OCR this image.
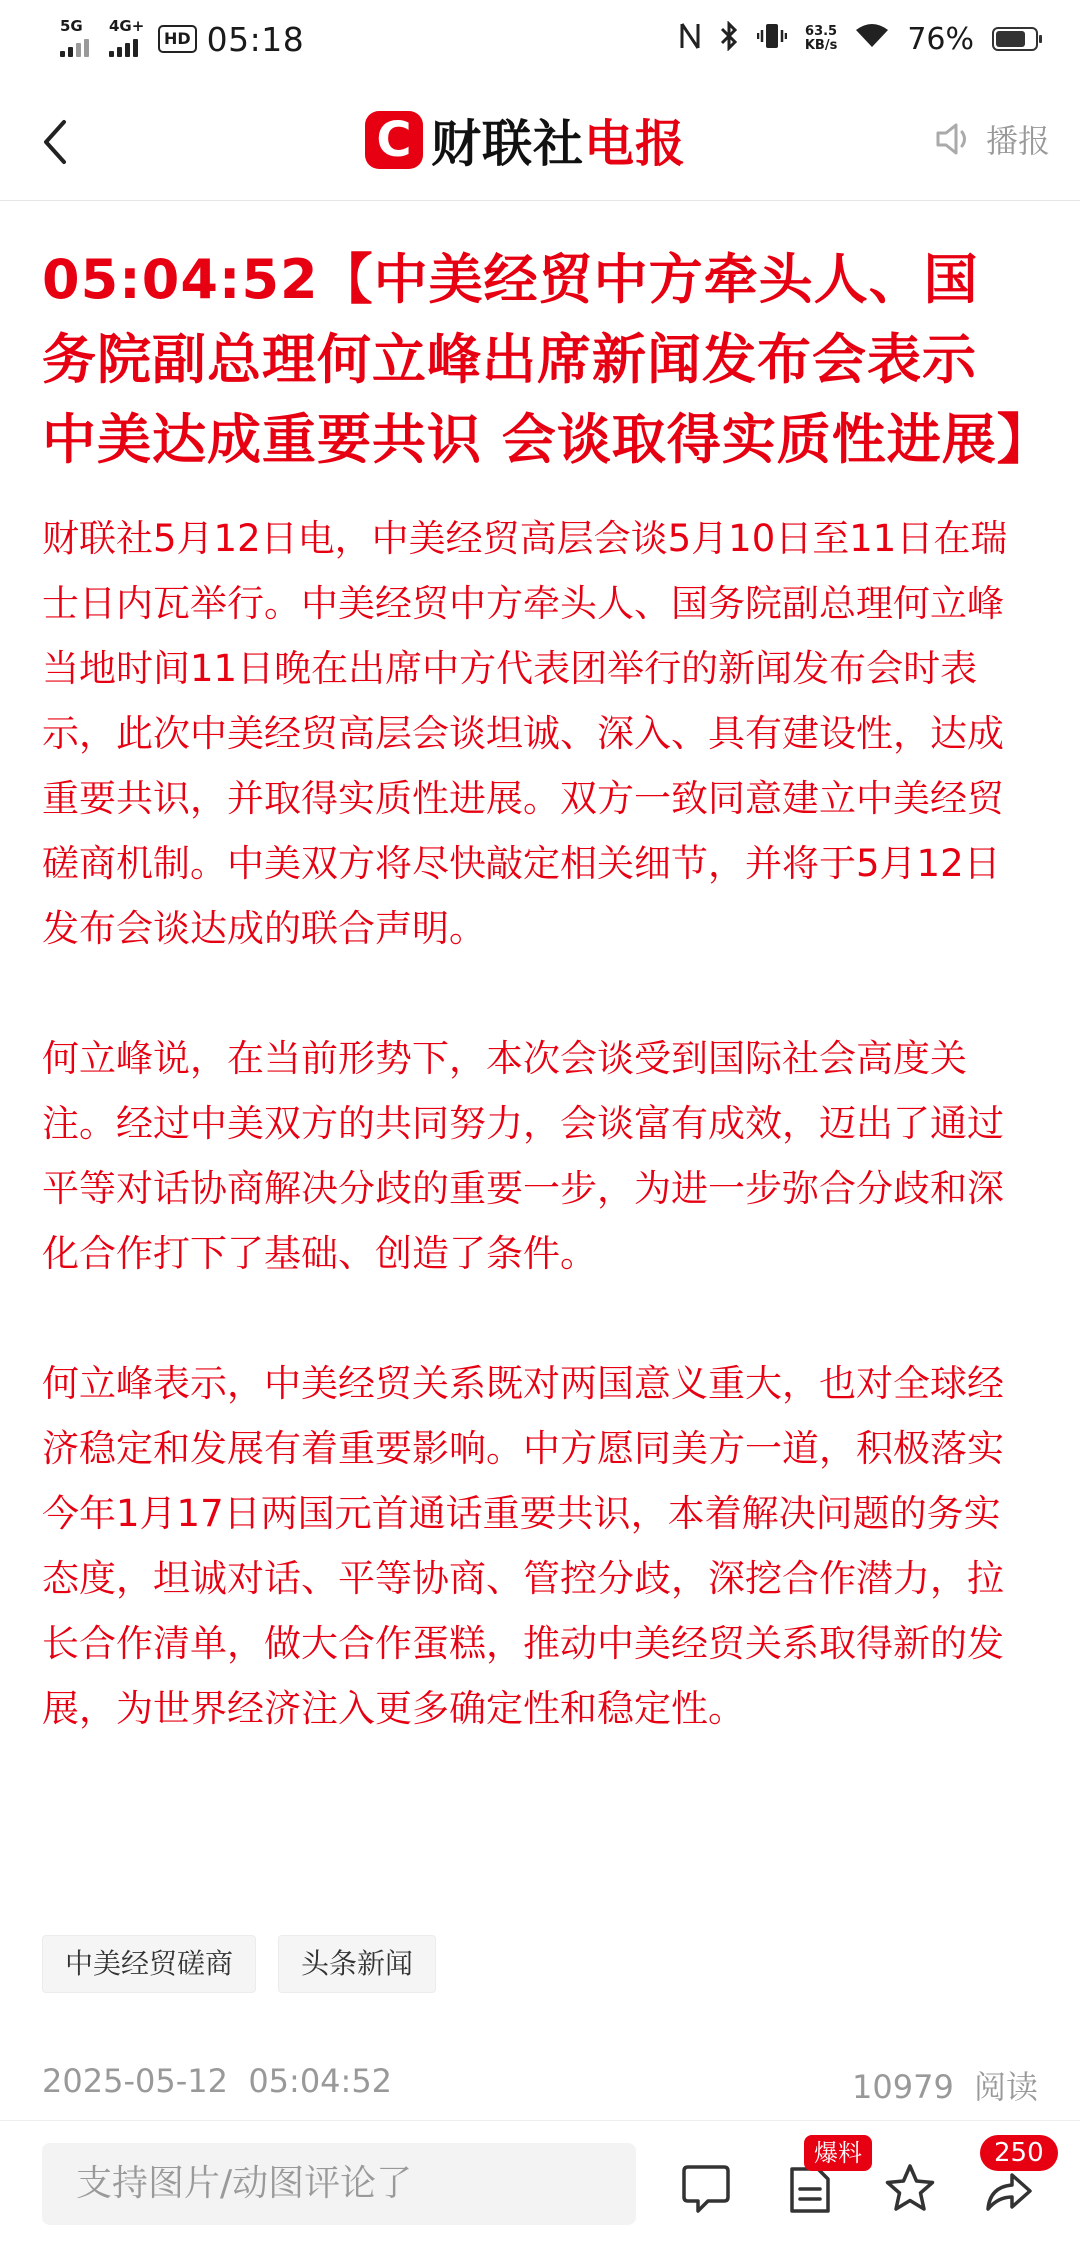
5G 4G+
HD 05:18	63.5
KB/s 76%
C 财联社 电报	播报
05:04:52【中美经贸中方牵头人、国务院副总理何立峰出席新闻发布会表示 中美达成重要共识 会谈取得实质性进展】

财联社5月12日电，中美经贸高层会谈5月10日至11日在瑞士日内瓦举行。中美经贸中方牵头人、国务院副总理何立峰当地时间11日晚在出席中方代表团举行的新闻发布会时表示，此次中美经贸高层会谈坦诚、深入、具有建设性，达成重要共识，并取得实质性进展。双方一致同意建立中美经贸磋商机制。中美双方将尽快敲定相关细节，并将于5月12日发布会谈达成的联合声明。

何立峰说，在当前形势下，本次会谈受到国际社会高度关注。经过中美双方的共同努力，会谈富有成效，迈出了通过平等对话协商解决分歧的重要一步，为进一步弥合分歧和深化合作打下了基础、创造了条件。

何立峰表示，中美经贸关系既对两国意义重大，也对全球经济稳定和发展有着重要影响。中方愿同美方一道，积极落实今年1月17日两国元首通话重要共识，本着解决问题的务实态度，坦诚对话、平等协商、管控分歧，深挖合作潜力，拉长合作清单，做大合作蛋糕，推动中美经贸关系取得新的发展，为世界经济注入更多确定性和稳定性。

中美经贸磋商	头条新闻
2025-05-12  05:04:52	10979 阅读
支持图片/动图评论了
爆料	250
